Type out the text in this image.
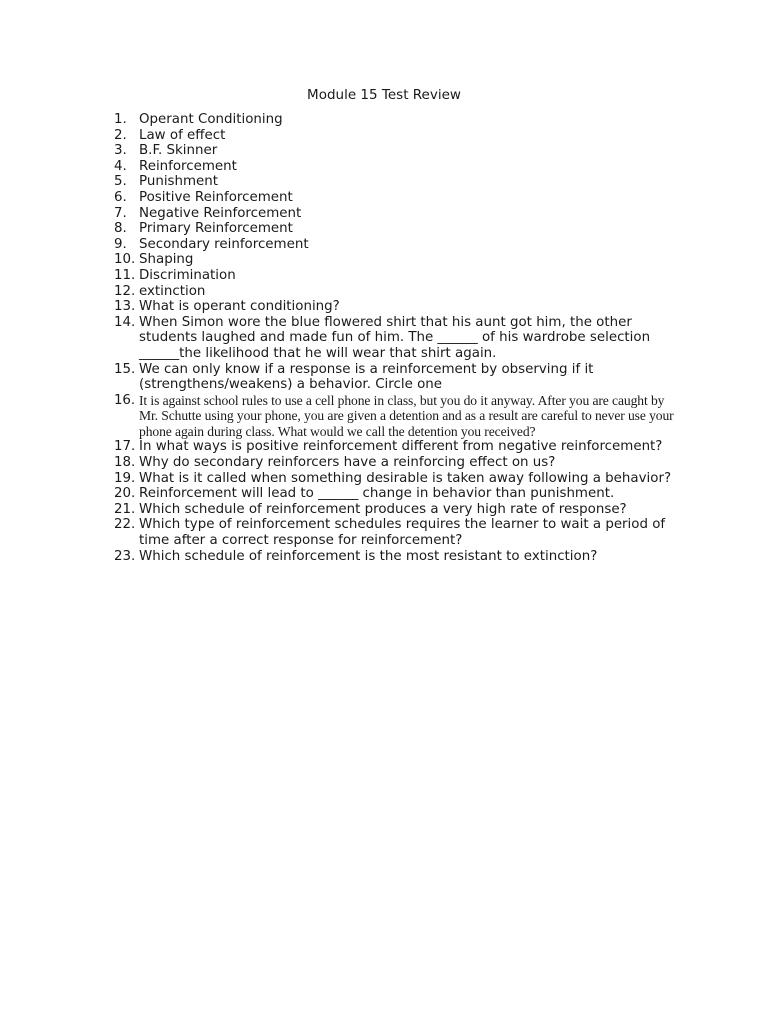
Module 15 Test Review
1. Operant Conditioning
2. Law of effect
3. B.F. Skinner
4. Reinforcement
5. Punishment
6. Positive Reinforcement
7. Negative Reinforcement
8. Primary Reinforcement
9. Secondary reinforcement
10. Shaping
11. Discrimination
12. extinction
13. What is operant conditioning?
14. When Simon wore the blue flowered shirt that his aunt got him, the other students laughed and made fun of him. The ______ of his wardrobe selection ______the likelihood that he will wear that shirt again.
15. We can only know if a response is a reinforcement by observing if it (strengthens/weakens) a behavior. Circle one
16. It is against school rules to use a cell phone in class, but you do it anyway. After you are caught by Mr. Schutte using your phone, you are given a detention and as a result are careful to never use your phone again during class. What would we call the detention you received?
17. In what ways is positive reinforcement different from negative reinforcement?
18. Why do secondary reinforcers have a reinforcing effect on us?
19. What is it called when something desirable is taken away following a behavior?
20. Reinforcement will lead to ______ change in behavior than punishment.
21. Which schedule of reinforcement produces a very high rate of response?
22. Which type of reinforcement schedules requires the learner to wait a period of time after a correct response for reinforcement?
23. Which schedule of reinforcement is the most resistant to extinction?
